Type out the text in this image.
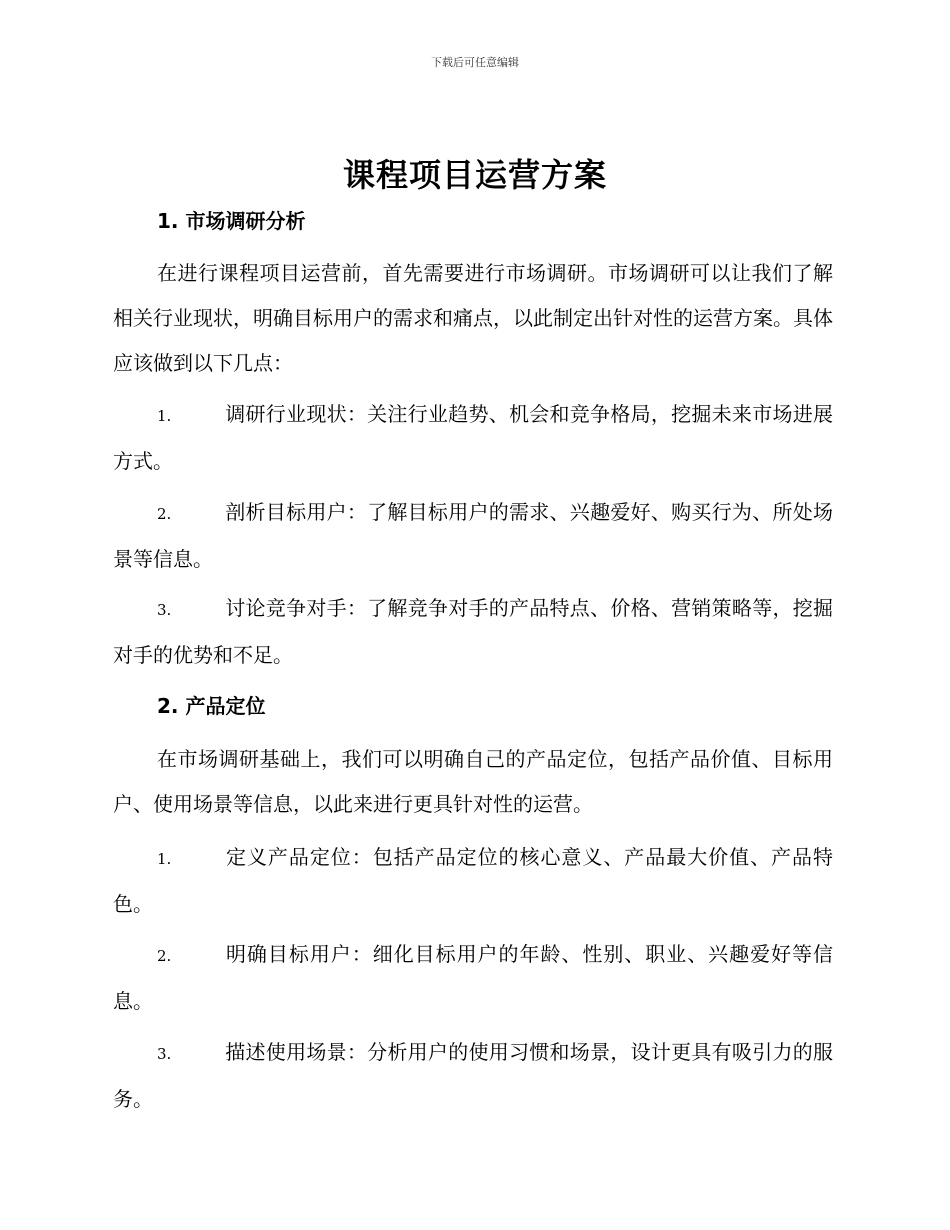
下载后可任意编辑
课程项目运营方案
1. 市场调研分析

在进行课程项目运营前，首先需要进行市场调研。市场调研可以让我们了解相关行业现状，明确目标用户的需求和痛点，以此制定出针对性的运营方案。具体应该做到以下几点：

1.	调研行业现状：关注行业趋势、机会和竞争格局，挖掘未来市场进展方式。

2.	剖析目标用户：了解目标用户的需求、兴趣爱好、购买行为、所处场景等信息。

3.	讨论竞争对手：了解竞争对手的产品特点、价格、营销策略等，挖掘对手的优势和不足。

2. 产品定位

在市场调研基础上，我们可以明确自己的产品定位，包括产品价值、目标用户、使用场景等信息，以此来进行更具针对性的运营。

1.	定义产品定位：包括产品定位的核心意义、产品最大价值、产品特色。

2.	明确目标用户：细化目标用户的年龄、性别、职业、兴趣爱好等信息。

3.	描述使用场景：分析用户的使用习惯和场景，设计更具有吸引力的服务。
